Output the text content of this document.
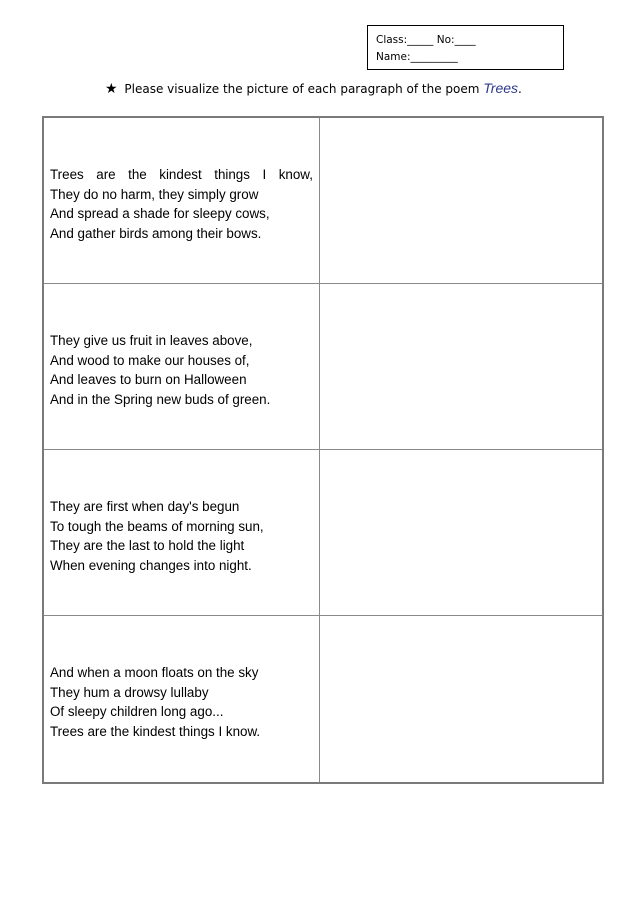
Class:_____ No:____
Name:_________
★ Please visualize the picture of each paragraph of the poem Trees.
Trees are the kindest things I know,
They do no harm, they simply grow
And spread a shade for sleepy cows,
And gather birds among their bows.
They give us fruit in leaves above,
And wood to make our houses of,
And leaves to burn on Halloween
And in the Spring new buds of green.
They are first when day's begun
To tough the beams of morning sun,
They are the last to hold the light
When evening changes into night.
And when a moon floats on the sky
They hum a drowsy lullaby
Of sleepy children long ago...
Trees are the kindest things I know.
